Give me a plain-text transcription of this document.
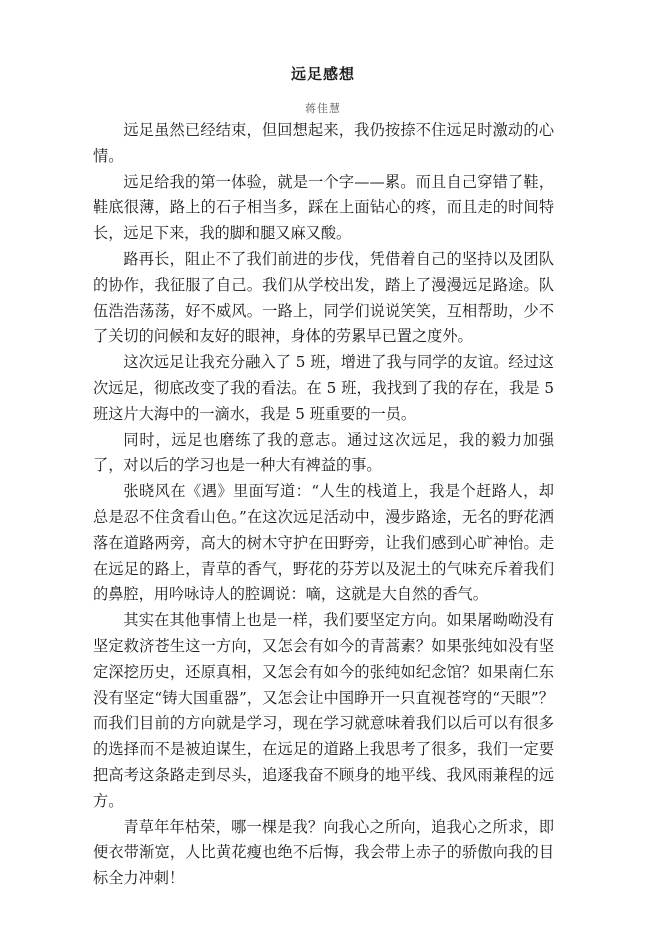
远足感想
蒋佳慧

远足虽然已经结束，但回想起来，我仍按捺不住远足时激动的心情。

远足给我的第一体验，就是一个字——累。而且自己穿错了鞋，鞋底很薄，路上的石子相当多，踩在上面钻心的疼，而且走的时间特长，远足下来，我的脚和腿又麻又酸。

路再长，阻止不了我们前进的步伐，凭借着自己的坚持以及团队的协作，我征服了自己。我们从学校出发，踏上了漫漫远足路途。队伍浩浩荡荡，好不威风。一路上，同学们说说笑笑，互相帮助，少不了关切的问候和友好的眼神，身体的劳累早已置之度外。

这次远足让我充分融入了 5 班，增进了我与同学的友谊。经过这次远足，彻底改变了我的看法。在 5 班，我找到了我的存在，我是 5 班这片大海中的一滴水，我是 5 班重要的一员。

同时，远足也磨练了我的意志。通过这次远足，我的毅力加强了，对以后的学习也是一种大有裨益的事。

张晓风在《遇》里面写道：“人生的栈道上，我是个赶路人，却总是忍不住贪看山色。”在这次远足活动中，漫步路途，无名的野花洒落在道路两旁，高大的树木守护在田野旁，让我们感到心旷神怡。走在远足的路上，青草的香气，野花的芬芳以及泥土的气味充斥着我们的鼻腔，用吟咏诗人的腔调说：嘀，这就是大自然的香气。

其实在其他事情上也是一样，我们要坚定方向。如果屠呦呦没有坚定救济苍生这一方向，又怎会有如今的青蒿素？如果张纯如没有坚定深挖历史，还原真相，又怎会有如今的张纯如纪念馆？如果南仁东没有坚定“铸大国重器”，又怎会让中国睁开一只直视苍穹的“天眼”？而我们目前的方向就是学习，现在学习就意味着我们以后可以有很多的选择而不是被迫谋生，在远足的道路上我思考了很多，我们一定要把高考这条路走到尽头，追逐我奋不顾身的地平线、我风雨兼程的远方。

青草年年枯荣，哪一棵是我？向我心之所向，追我心之所求，即便衣带渐宽，人比黄花瘦也绝不后悔，我会带上赤子的骄傲向我的目标全力冲刺！
